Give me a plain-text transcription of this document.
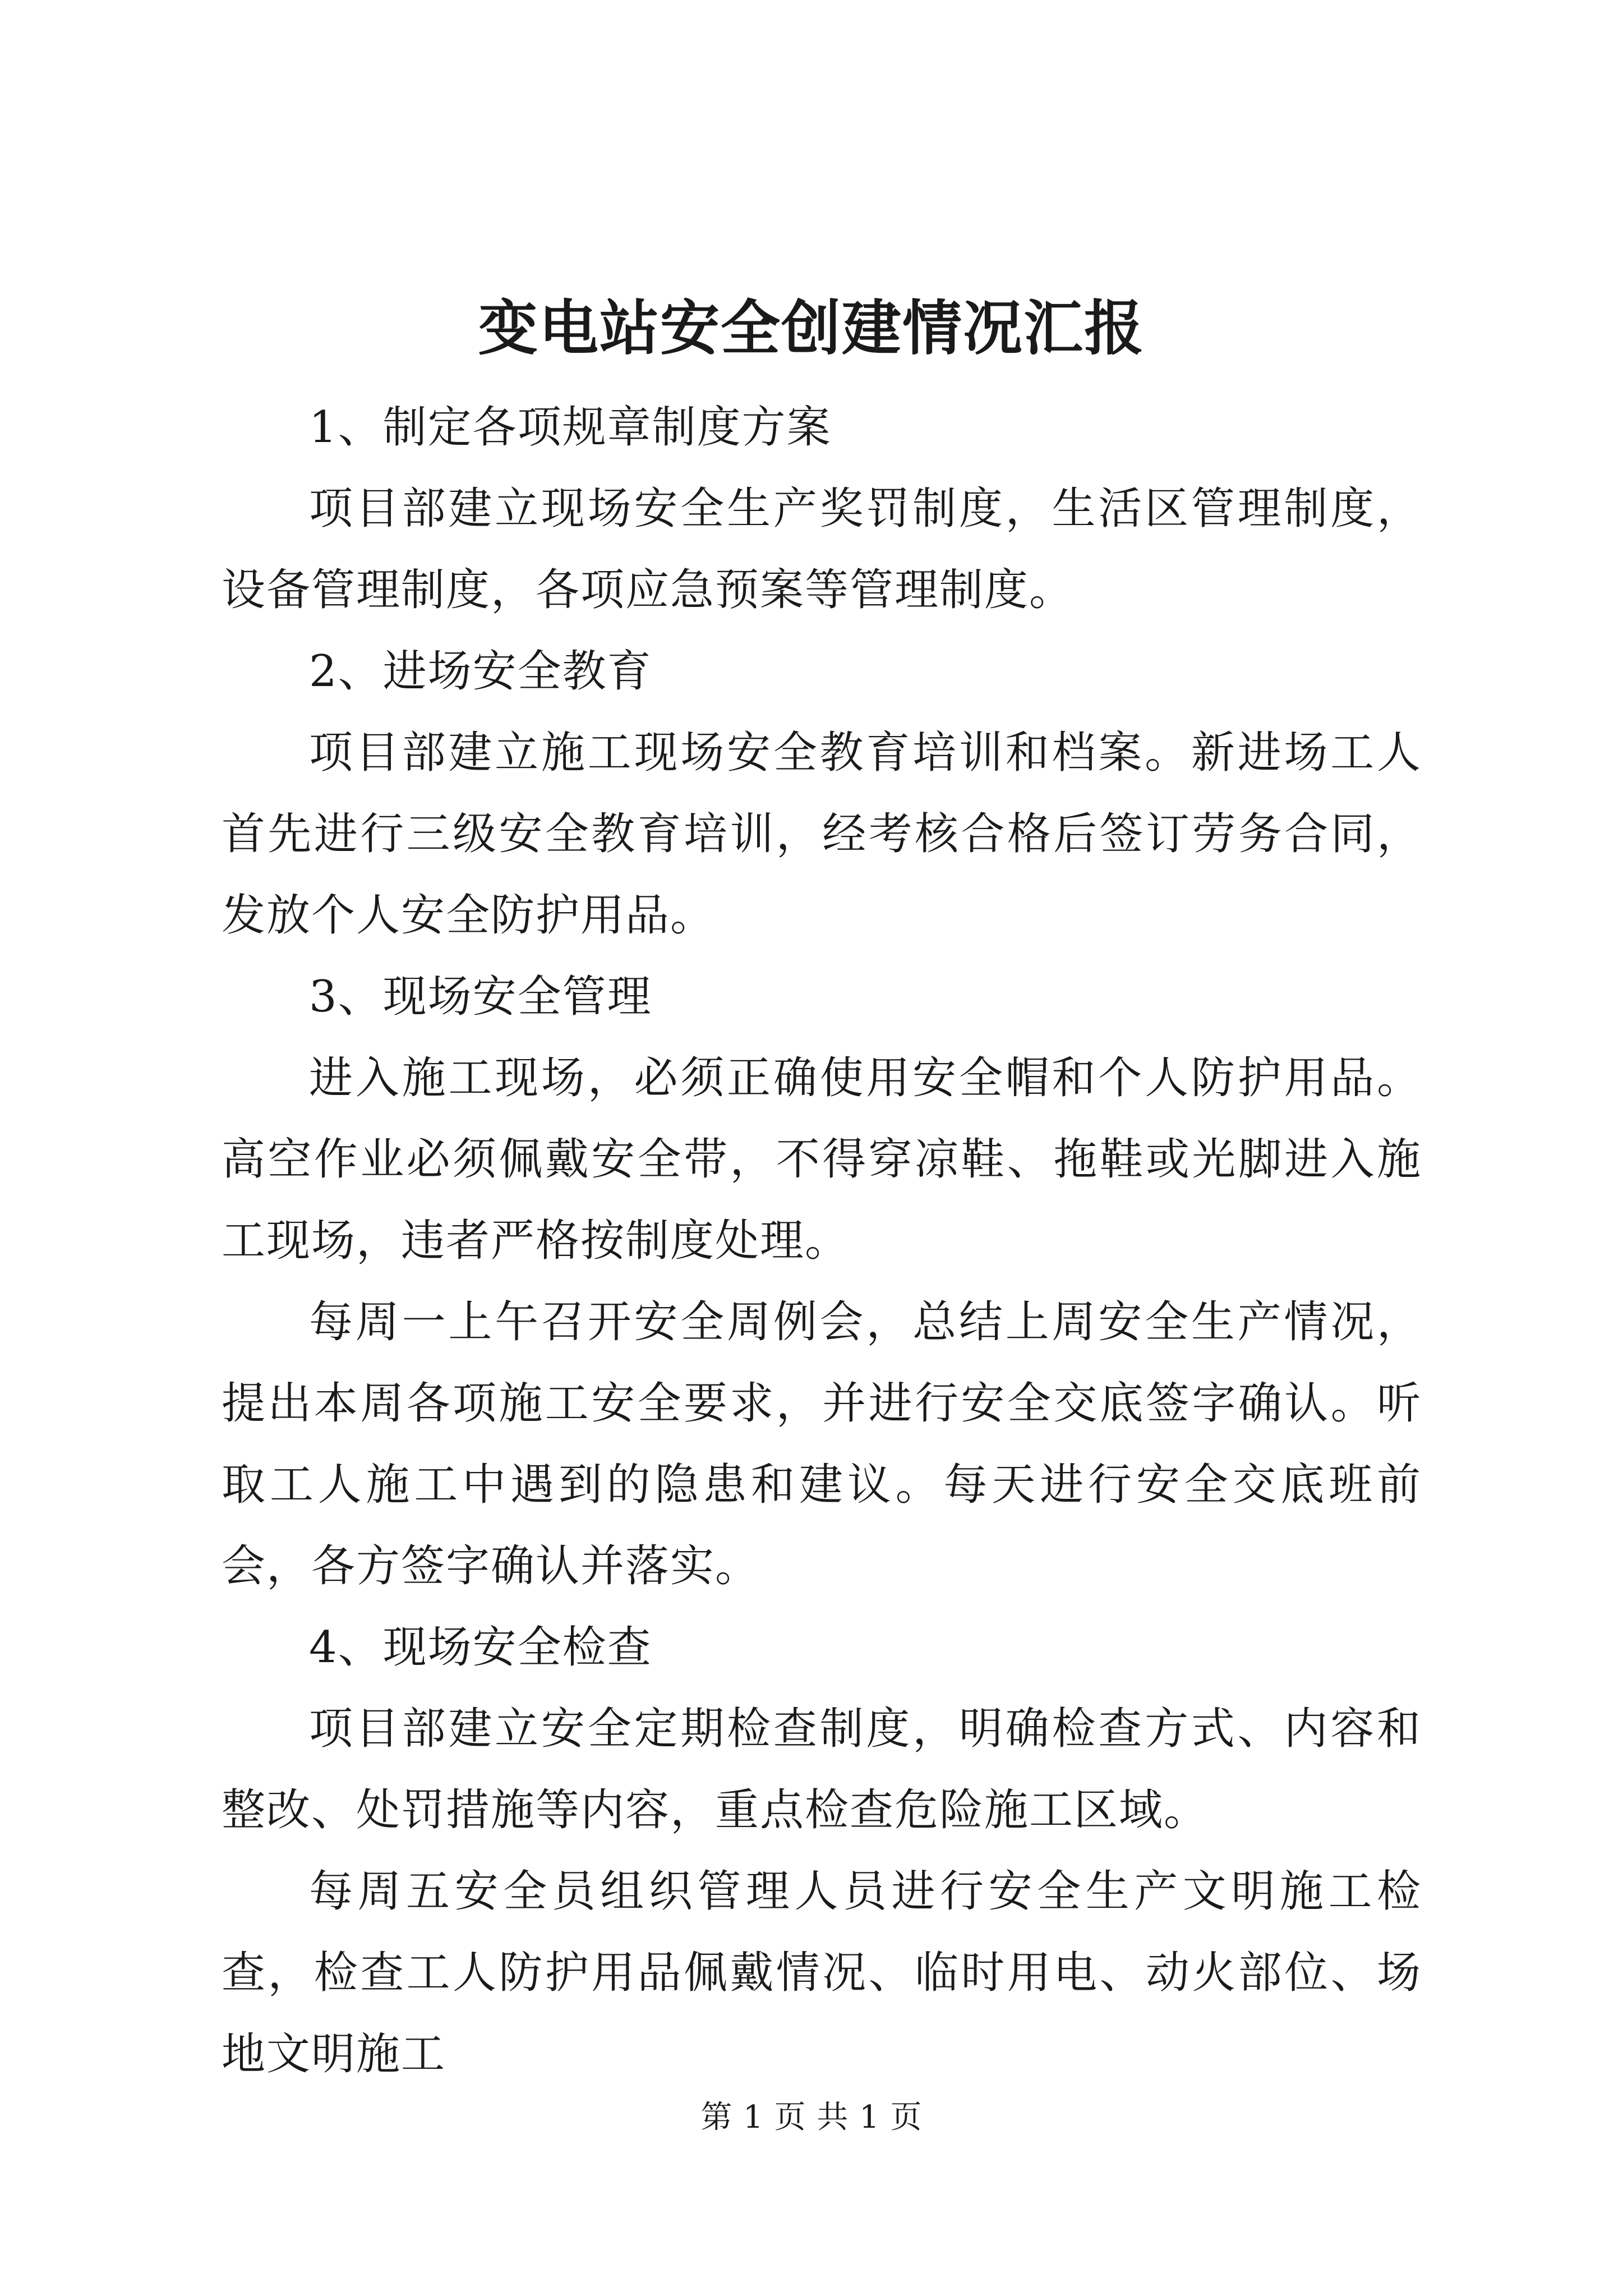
变电站安全创建情况汇报

1、制定各项规章制度方案

项目部建立现场安全生产奖罚制度，生活区管理制度，设备管理制度，各项应急预案等管理制度。

2、进场安全教育

项目部建立施工现场安全教育培训和档案。新进场工人首先进行三级安全教育培训，经考核合格后签订劳务合同，发放个人安全防护用品。

3、现场安全管理

进入施工现场，必须正确使用安全帽和个人防护用品。高空作业必须佩戴安全带，不得穿凉鞋、拖鞋或光脚进入施工现场，违者严格按制度处理。

每周一上午召开安全周例会，总结上周安全生产情况，提出本周各项施工安全要求，并进行安全交底签字确认。听取工人施工中遇到的隐患和建议。每天进行安全交底班前会，各方签字确认并落实。

4、现场安全检查

项目部建立安全定期检查制度，明确检查方式、内容和整改、处罚措施等内容，重点检查危险施工区域。

每周五安全员组织管理人员进行安全生产文明施工检查，检查工人防护用品佩戴情况、临时用电、动火部位、场地文明施工

第 1 页 共 1 页
